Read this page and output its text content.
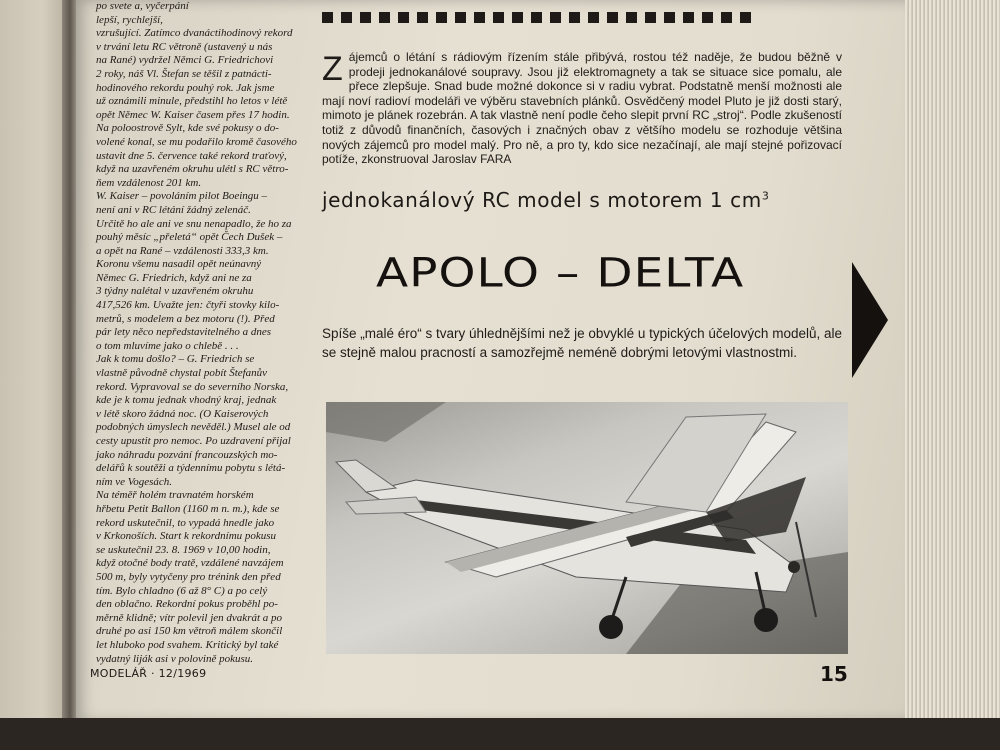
po svete a, vyčerpání

lepší, rychlejší,

vzrušující. Zatímco dvanáctihodinový rekord

v trvání letu RC větroně (ustavený u nás

na Rané) vydržel Němci G. Friedrichovi

2 roky, náš Vl. Štefan se těšil z patnácti-

hodinového rekordu pouhý rok. Jak jsme

už oznámili minule, předstihl ho letos v létě

opět Němec W. Kaiser časem přes 17 hodin.

Na poloostrově Sylt, kde své pokusy o do-

volené konal, se mu podařilo kromě časového

ustavit dne 5. července také rekord traťový,

když na uzavřeném okruhu ulétl s RC větro-

ňem vzdálenost 201 km.

W. Kaiser – povoláním pilot Boeingu –

není ani v RC létání žádný zelenáč.

Určitě ho ale ani ve snu nenapadlo, že ho za

pouhý měsíc „přeletá“ opět Čech Dušek –

a opět na Rané – vzdálenosti 333,3 km.

Koronu všemu nasadil opět neúnavný

Němec G. Friedrich, když ani ne za

3 týdny nalétal v uzavřeném okruhu

417,526 km. Uvažte jen: čtyři stovky kilo-

metrů, s modelem a bez motoru (!). Před

pár lety něco nepředstavitelného a dnes

o tom mluvíme jako o chlebě . . .

Jak k tomu došlo? – G. Friedrich se

vlastně původně chystal pobít Štefanův

rekord. Vypravoval se do severního Norska,

kde je k tomu jednak vhodný kraj, jednak

v létě skoro žádná noc. (O Kaiserových

podobných úmyslech nevěděl.) Musel ale od

cesty upustit pro nemoc. Po uzdravení přijal

jako náhradu pozvání francouzských mo-

delářů k soutěži a týdennímu pobytu s létá-

ním ve Vogesách.

Na téměř holém travnatém horském

hřbetu Petit Ballon (1160 m n. m.), kde se

rekord uskutečnil, to vypadá hnedle jako

v Krkonoších. Start k rekordnímu pokusu

se uskutečnil 23. 8. 1969 v 10,00 hodin,

když otočné body tratě, vzdálené navzájem

500 m, byly vytyčeny pro trénink den před

tím. Bylo chladno (6 až 8° C) a po celý

den oblačno. Rekordní pokus proběhl po-

měrně klidně; vítr polevil jen dvakrát a po

druhé po asi 150 km větroň málem skončil

let hluboko pod svahem. Kritický byl také

vydatný liják asi v polovině pokusu.

Z ájemců o létání s rádiovým řízením stále přibývá, rostou též naděje, že budou běžně v prodeji jednokanálové soupravy. Jsou již elektromagnety a tak se situace sice pomalu, ale přece zlepšuje. Snad bude možné dokonce si v radiu vybrat. Podstatně menší možnosti ale mají noví radioví modeláři ve výběru stavebních plánků. Osvědčený model Pluto je již dosti starý, mimoto je plánek rozebrán. A tak vlastně není podle čeho slepit první RC „stroj“. Podle zkušeností totiž z důvodů finančních, časových i značných obav z většího modelu se rozhoduje většina nových zájemců pro model malý. Pro ně, a pro ty, kdo sice nezačínají, ale mají stejné pořizovací potíže, zkonstruoval Jaroslav FARA
jednokanálový RC model s motorem 1 $cm^3$
APOLO – DELTA
Spíše „malé éro“ s tvary úhlednějšími než je obvyklé u typických účelových modelů, ale se stejně malou pracností a samozřejmě neméně dobrými letovými vlastnostmi.
MODELÁŘ · 12/1969	15
